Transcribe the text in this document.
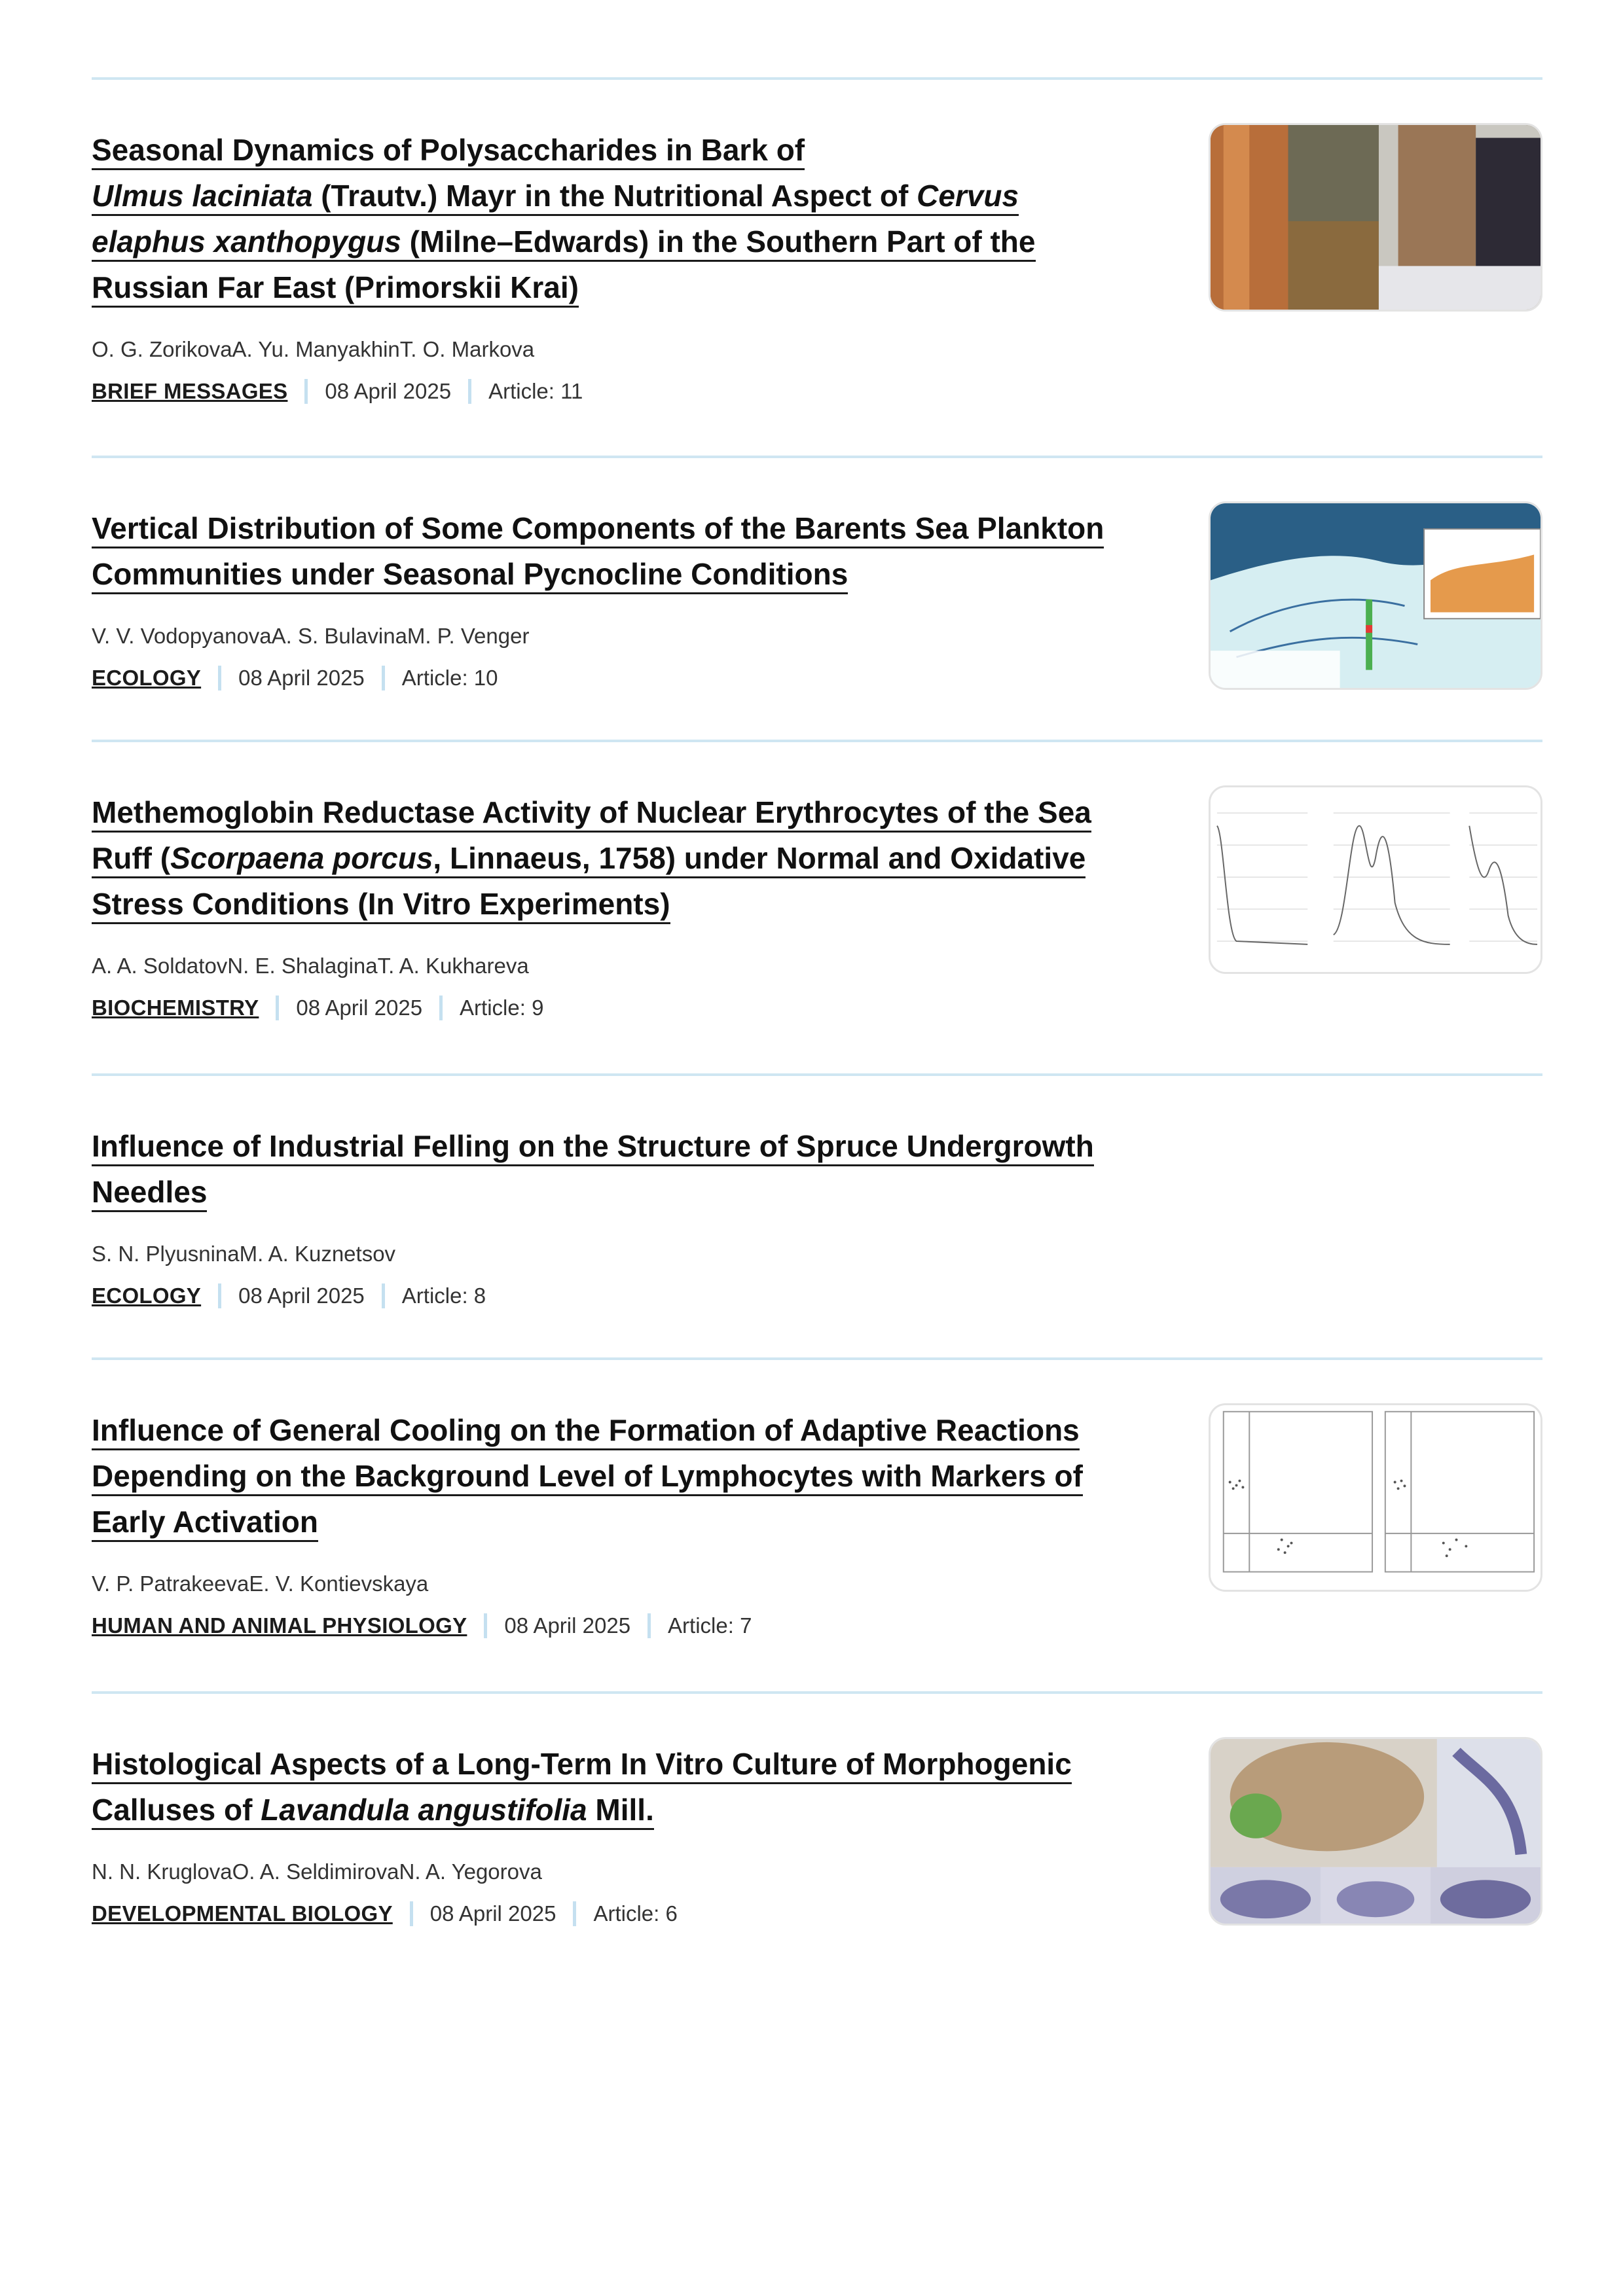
Seasonal Dynamics of Polysaccharides in Bark of
Ulmus laciniata (Trautv.) Mayr in the Nutritional Aspect of Cervus elaphus xanthopygus (Milne–Edwards) in the Southern Part of the Russian Far East (Primorskii Krai)
O. G. ZorikovaA. Yu. ManyakhinT. O. Markova
BRIEF MESSAGES 08 April 2025 Article: 11
Vertical Distribution of Some Components of the Barents Sea Plankton Communities under Seasonal Pycnocline Conditions
V. V. VodopyanovaA. S. BulavinaM. P. Venger
ECOLOGY 08 April 2025 Article: 10
Methemoglobin Reductase Activity of Nuclear Erythrocytes of the Sea Ruff (Scorpaena porcus, Linnaeus, 1758) under Normal and Oxidative Stress Conditions (In Vitro Experiments)
A. A. SoldatovN. E. ShalaginaT. A. Kukhareva
BIOCHEMISTRY 08 April 2025 Article: 9
Influence of Industrial Felling on the Structure of Spruce Undergrowth Needles
S. N. PlyusninaM. A. Kuznetsov
ECOLOGY 08 April 2025 Article: 8
Influence of General Cooling on the Formation of Adaptive Reactions Depending on the Background Level of Lymphocytes with Markers of Early Activation
V. P. PatrakeevaE. V. Kontievskaya
HUMAN AND ANIMAL PHYSIOLOGY 08 April 2025 Article: 7
Histological Aspects of a Long-Term In Vitro Culture of Morphogenic Calluses of Lavandula angustifolia Mill.
N. N. KruglovaO. A. SeldimirovaN. A. Yegorova
DEVELOPMENTAL BIOLOGY 08 April 2025 Article: 6
